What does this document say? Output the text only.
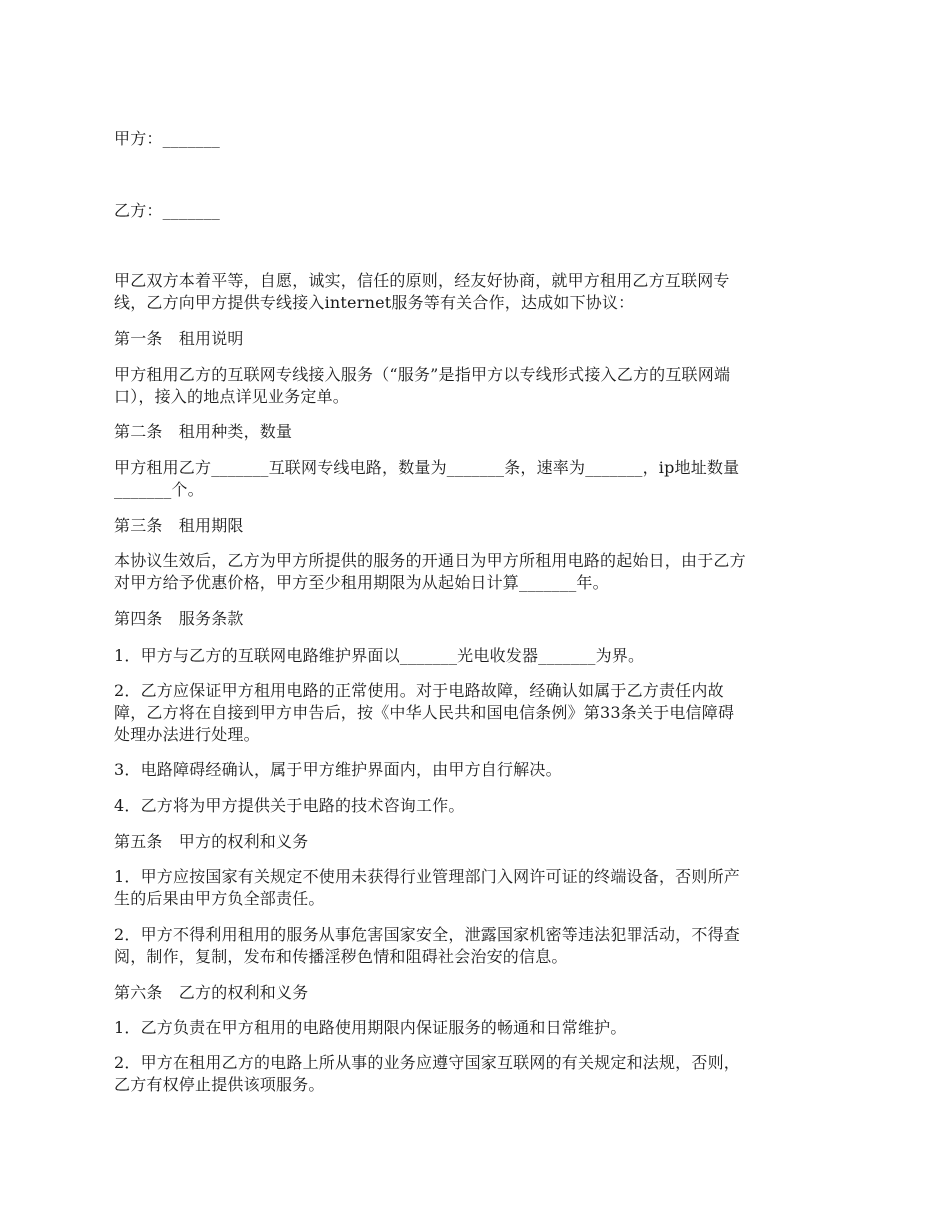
甲方：_______
乙方：_______
甲乙双方本着平等，自愿，诚实，信任的原则，经友好协商，就甲方租用乙方互联网专
线，乙方向甲方提供专线接入internet服务等有关合作，达成如下协议：
第一条　租用说明
甲方租用乙方的互联网专线接入服务（“服务”是指甲方以专线形式接入乙方的互联网端
口），接入的地点详见业务定单。
第二条　租用种类，数量
甲方租用乙方_______互联网专线电路，数量为_______条，速率为_______，ip地址数量
_______个。
第三条　租用期限
本协议生效后，乙方为甲方所提供的服务的开通日为甲方所租用电路的起始日，由于乙方
对甲方给予优惠价格，甲方至少租用期限为从起始日计算_______年。
第四条　服务条款
1．甲方与乙方的互联网电路维护界面以_______光电收发器_______为界。
2．乙方应保证甲方租用电路的正常使用。对于电路故障，经确认如属于乙方责任内故
障，乙方将在自接到甲方申告后，按《中华人民共和国电信条例》第33条关于电信障碍
处理办法进行处理。
3．电路障碍经确认，属于甲方维护界面内，由甲方自行解决。
4．乙方将为甲方提供关于电路的技术咨询工作。
第五条　甲方的权利和义务
1．甲方应按国家有关规定不使用未获得行业管理部门入网许可证的终端设备，否则所产
生的后果由甲方负全部责任。
2．甲方不得利用租用的服务从事危害国家安全，泄露国家机密等违法犯罪活动，不得查
阅，制作，复制，发布和传播淫秽色情和阻碍社会治安的信息。
第六条　乙方的权利和义务
1．乙方负责在甲方租用的电路使用期限内保证服务的畅通和日常维护。
2．甲方在租用乙方的电路上所从事的业务应遵守国家互联网的有关规定和法规，否则，
乙方有权停止提供该项服务。
